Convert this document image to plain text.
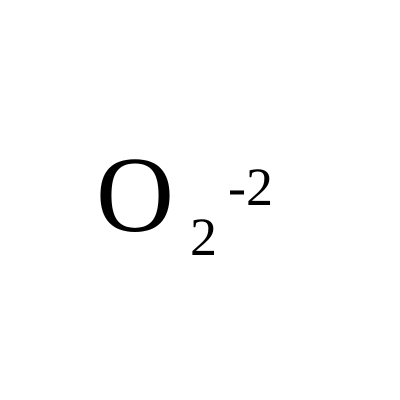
O 2
-2
